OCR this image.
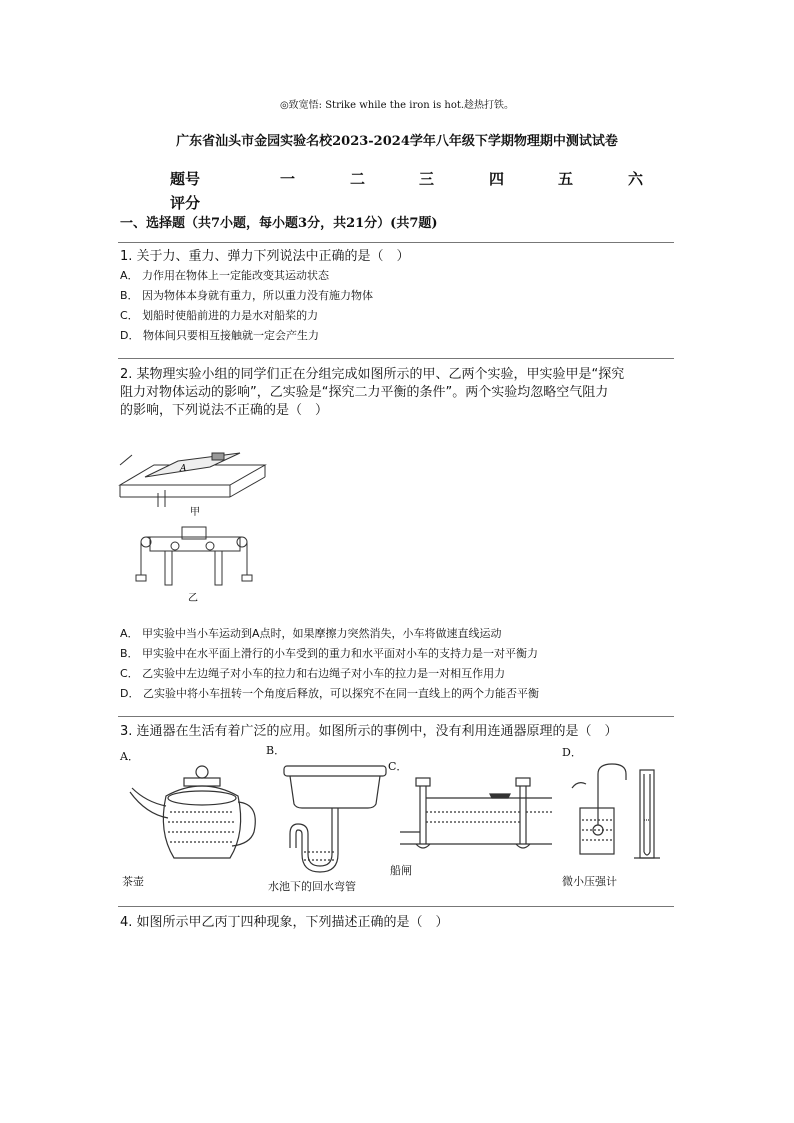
◎致宽悟: Strike while the iron is hot.趁热打铁。
广东省汕头市金园实验名校2023-2024学年八年级下学期物理期中测试试卷
题号	一	二	三	四	五	六
评分
一、选择题（共7小题，每小题3分，共21分）(共7题)
1. 关于力、重力、弹力下列说法中正确的是（　）
A． 力作用在物体上一定能改变其运动状态
B． 因为物体本身就有重力，所以重力没有施力物体
C． 划船时使船前进的力是水对船桨的力
D． 物体间只要相互接触就一定会产生力
2. 某物理实验小组的同学们正在分组完成如图所示的甲、乙两个实验，甲实验甲是“探究
阻力对物体运动的影响”，乙实验是“探究二力平衡的条件”。两个实验均忽略空气阻力
的影响，下列说法不正确的是（　）
A
甲
乙
A． 甲实验中当小车运动到A点时，如果摩擦力突然消失，小车将做速直线运动
B． 甲实验中在水平面上滑行的小车受到的重力和水平面对小车的支持力是一对平衡力
C． 乙实验中左边绳子对小车的拉力和右边绳子对小车的拉力是一对相互作用力
D． 乙实验中将小车扭转一个角度后释放，可以探究不在同一直线上的两个力能否平衡
3. 连通器在生活有着广泛的应用。如图所示的事例中，没有利用连通器原理的是（　）
A．	B．
C．
D．
茶壶	水池下的回水弯管
船闸
微小压强计
4. 如图所示甲乙丙丁四种现象，下列描述正确的是（　）
